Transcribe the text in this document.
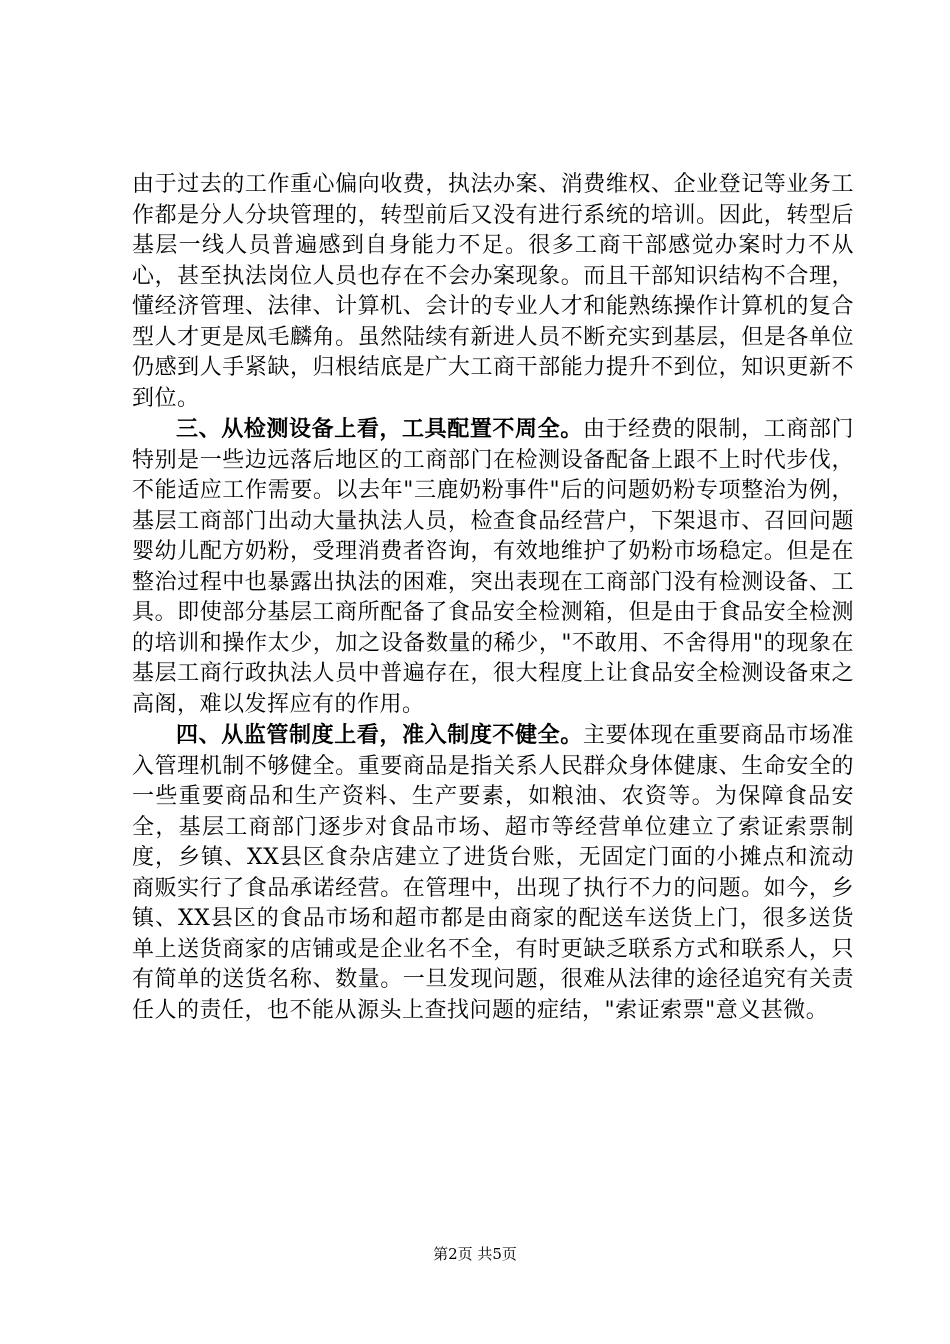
由于过去的工作重心偏向收费，执法办案、消费维权、企业登记等业务工作都是分人分块管理的，转型前后又没有进行系统的培训。因此，转型后基层一线人员普遍感到自身能力不足。很多工商干部感觉办案时力不从心，甚至执法岗位人员也存在不会办案现象。而且干部知识结构不合理，懂经济管理、法律、计算机、会计的专业人才和能熟练操作计算机的复合型人才更是凤毛麟角。虽然陆续有新进人员不断充实到基层，但是各单位仍感到人手紧缺，归根结底是广大工商干部能力提升不到位，知识更新不到位。

三、从检测设备上看，工具配置不周全。由于经费的限制，工商部门特别是一些边远落后地区的工商部门在检测设备配备上跟不上时代步伐，不能适应工作需要。以去年"三鹿奶粉事件"后的问题奶粉专项整治为例，基层工商部门出动大量执法人员，检查食品经营户，下架退市、召回问题婴幼儿配方奶粉，受理消费者咨询，有效地维护了奶粉市场稳定。但是在整治过程中也暴露出执法的困难，突出表现在工商部门没有检测设备、工具。即使部分基层工商所配备了食品安全检测箱，但是由于食品安全检测的培训和操作太少，加之设备数量的稀少，"不敢用、不舍得用"的现象在基层工商行政执法人员中普遍存在，很大程度上让食品安全检测设备束之高阁，难以发挥应有的作用。

四、从监管制度上看，准入制度不健全。主要体现在重要商品市场准入管理机制不够健全。重要商品是指关系人民群众身体健康、生命安全的一些重要商品和生产资料、生产要素，如粮油、农资等。为保障食品安全，基层工商部门逐步对食品市场、超市等经营单位建立了索证索票制度，乡镇、XX县区食杂店建立了进货台账，无固定门面的小摊点和流动商贩实行了食品承诺经营。在管理中，出现了执行不力的问题。如今，乡镇、XX县区的食品市场和超市都是由商家的配送车送货上门，很多送货单上送货商家的店铺或是企业名不全，有时更缺乏联系方式和联系人，只有简单的送货名称、数量。一旦发现问题，很难从法律的途径追究有关责任人的责任，也不能从源头上查找问题的症结，"索证索票"意义甚微。

第2页 共5页
